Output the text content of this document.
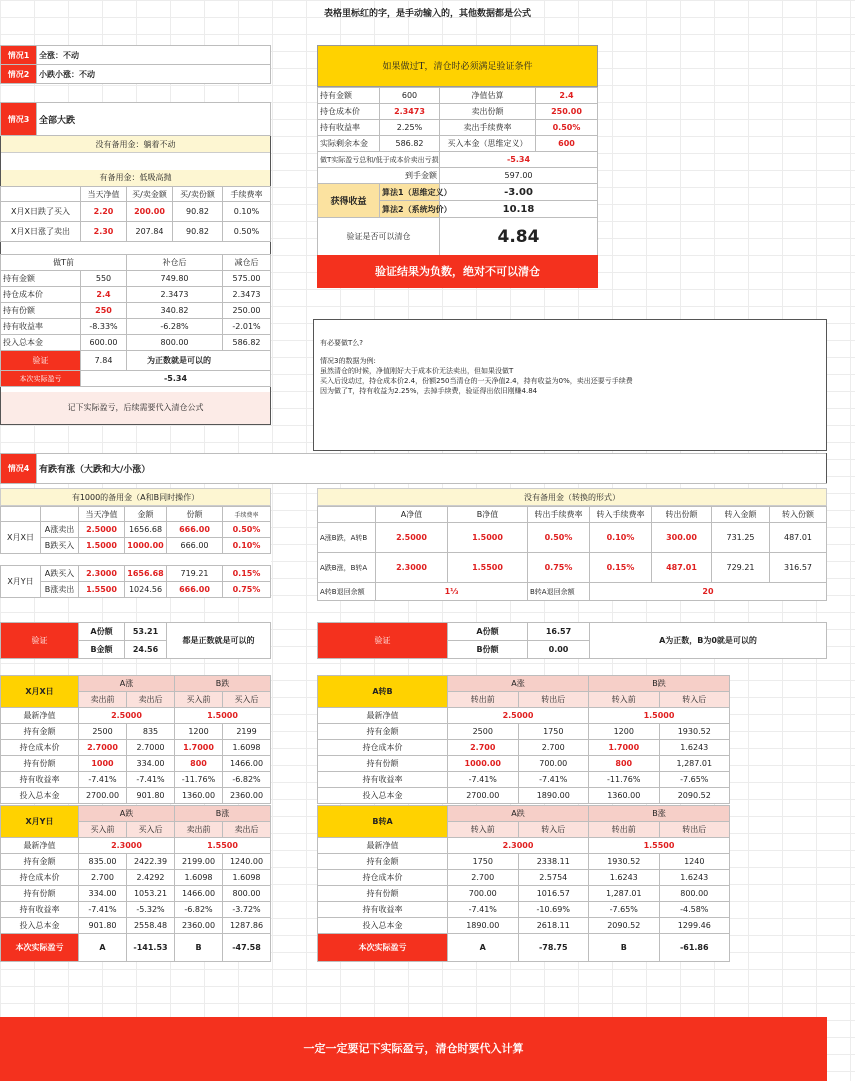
表格里标红的字，是手动输入的，其他数据都是公式
情况1	全涨：不动
情况2	小跌小涨：不动
情况3	全部大跌
没有备用金：躺着不动
有备用金：低吸高抛
	当天净值	买/卖金额	买/卖份额	手续费率
X月X日跌了买入	2.20	200.00	90.82	0.10%
X月X日涨了卖出	2.30	207.84	90.82	0.50%
做T前		补仓后	减仓后
持有金额	550	749.80	575.00
持仓成本价	2.4	2.3473	2.3473
持有份额	250	340.82	250.00
持有收益率	-8.33%	-6.28%	-2.01%
投入总本金	600.00	800.00	586.82
验证	7.84	为正数就是可以的	
本次实际盈亏	-5.34		
记下实际盈亏，后续需要代入清仓公式
如果做过T，清仓时必须满足验证条件
持有金额	600	净值估算	2.4
持仓成本价	2.3473	卖出份额	250.00
持有收益率	2.25%	卖出手续费率	0.50%
实际剩余本金	586.82	买入本金（思维定义）	600
做T实际盈亏总和/低于成本价卖出亏损		-5.34	
到手金额		597.00	
获得收益	算法1（思维定义）	-3.00	
	算法2（系统均价）	10.18	
验证是否可以清仓		4.84	
验证结果为负数，绝对不可以清仓
有必要做T么?
情况3的数据为例:
虽然清仓的时候，净值刚好大于成本价无法卖出，但如果没做T
买入后没动过，持仓成本价2.4，份额250当清仓的一天净值2.4，持有收益为0%，卖出还要亏手续费
因为做了T，持有收益为2.25%，去掉手续费，验证得出依旧刚赚4.84
情况4	有跌有涨（大跌和大/小涨）
有1000的备用金（A和B同时操作）
		当天净值	金额	份额	手续费率
X月X日	A涨卖出	2.5000	1656.68	666.00	0.50%
	B跌买入	1.5000	1000.00	666.00	0.10%

X月Y日	A跌买入	2.3000	1656.68	719.21	0.15%
	B涨卖出	1.5500	1024.56	666.00	0.75%
验证	A份额	53.21	都是正数就是可以的
	B金额	24.56	
没有备用金（转换的形式）
	A净值	B净值	转出手续费率	转入手续费率	转出份额	转入金额	转入份额
A涨B跌，A转B	2.5000	1.5000	0.50%	0.10%	300.00	731.25	487.01
A跌B涨，B转A	2.3000	1.5500	0.75%	0.15%	487.01	729.21	316.57
A转B退回余额	1⅓		B转A退回余额	20			
验证	A份额	16.57	A为正数，B为0就是可以的
	B份额	0.00	
X月X日	A涨		B跌	
	卖出前	卖出后	买入前	买入后
最新净值	2.5000		1.5000	
持有金额	2500	835	1200	2199
持仓成本价	2.7000	2.7000	1.7000	1.6098
持有份额	1000	334.00	800	1466.00
持有收益率	-7.41%	-7.41%	-11.76%	-6.82%
投入总本金	2700.00	901.80	1360.00	2360.00
X月Y日	A跌		B涨	
	买入前	买入后	卖出前	卖出后
最新净值	2.3000		1.5500	
持有金额	835.00	2422.39	2199.00	1240.00
持仓成本价	2.700	2.4292	1.6098	1.6098
持有份额	334.00	1053.21	1466.00	800.00
持有收益率	-7.41%	-5.32%	-6.82%	-3.72%
投入总本金	901.80	2558.48	2360.00	1287.86
本次实际盈亏	A	-141.53	B	-47.58
A转B	A涨		B跌	
	转出前	转出后	转入前	转入后
最新净值	2.5000		1.5000	
持有金额	2500	1750	1200	1930.52
持仓成本价	2.700	2.700	1.7000	1.6243
持有份额	1000.00	700.00	800	1,287.01
持有收益率	-7.41%	-7.41%	-11.76%	-7.65%
投入总本金	2700.00	1890.00	1360.00	2090.52
B转A	A跌		B涨	
	转入前	转入后	转出前	转出后
最新净值	2.3000		1.5500	
持有金额	1750	2338.11	1930.52	1240
持仓成本价	2.700	2.5754	1.6243	1.6243
持有份额	700.00	1016.57	1,287.01	800.00
持有收益率	-7.41%	-10.69%	-7.65%	-4.58%
投入总本金	1890.00	2618.11	2090.52	1299.46
本次实际盈亏	A	-78.75	B	-61.86
一定一定要记下实际盈亏，清仓时要代入计算
